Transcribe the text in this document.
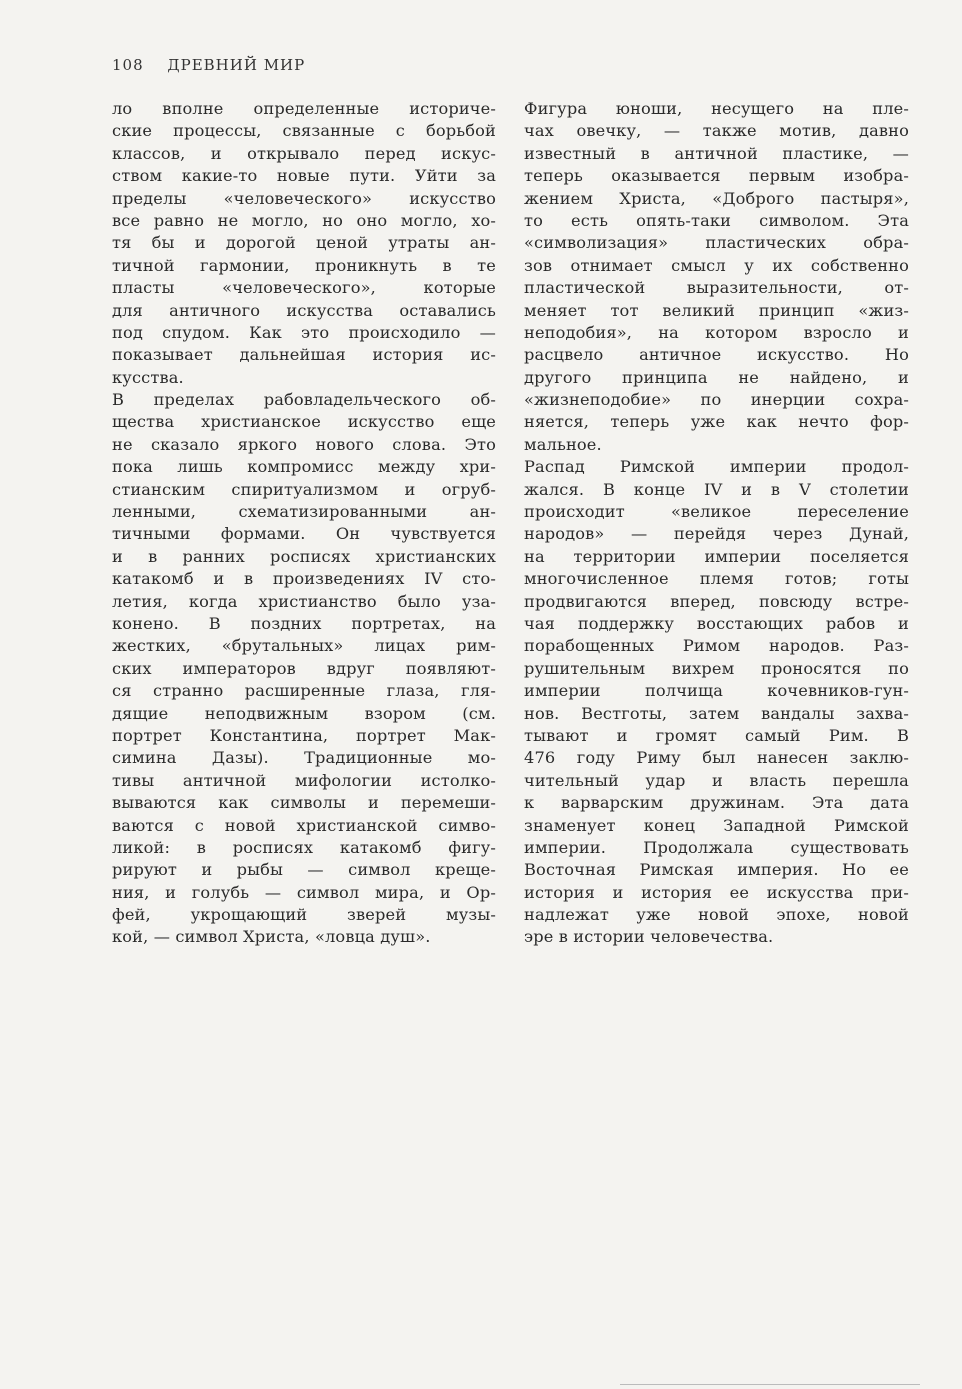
108 ДРЕВНИЙ МИР
ло вполне определенные историче-
ские процессы, связанные с борьбой
классов, и открывало перед искус-
ством какие-то новые пути. Уйти за
пределы «человеческого» искусство
все равно не могло, но оно могло, хо-
тя бы и дорогой ценой утраты ан-
тичной гармонии, проникнуть в те
пласты «человеческого», которые
для античного искусства оставались
под спудом. Как это происходило —
показывает дальнейшая история ис-
кусства.
В пределах рабовладельческого об-
щества христианское искусство еще
не сказало яркого нового слова. Это
пока лишь компромисс между хри-
стианским спиритуализмом и огруб-
ленными, схематизированными ан-
тичными формами. Он чувствуется
и в ранних росписях христианских
катакомб и в произведениях IV сто-
летия, когда христианство было уза-
конено. В поздних портретах, на
жестких, «брутальных» лицах рим-
ских императоров вдруг появляют-
ся странно расширенные глаза, гля-
дящие неподвижным взором (см.
портрет Константина, портрет Мак-
симина Дазы). Традиционные мо-
тивы античной мифологии истолко-
вываются как символы и перемеши-
ваются с новой христианской симво-
ликой: в росписях катакомб фигу-
рируют и рыбы — символ креще-
ния, и голубь — символ мира, и Ор-
фей, укрощающий зверей музы-
кой, — символ Христа, «ловца душ».
Фигура юноши, несущего на пле-
чах овечку, — также мотив, давно
известный в античной пластике, —
теперь оказывается первым изобра-
жением Христа, «Доброго пастыря»,
то есть опять-таки символом. Эта
«символизация» пластических обра-
зов отнимает смысл у их собственно
пластической выразительности, от-
меняет тот великий принцип «жиз-
неподобия», на котором взросло и
расцвело античное искусство. Но
другого принципа не найдено, и
«жизнеподобие» по инерции сохра-
няется, теперь уже как нечто фор-
мальное.
Распад Римской империи продол-
жался. В конце IV и в V столетии
происходит «великое переселение
народов» — перейдя через Дунай,
на территории империи поселяется
многочисленное племя готов; готы
продвигаются вперед, повсюду встре-
чая поддержку восстающих рабов и
порабощенных Римом народов. Раз-
рушительным вихрем проносятся по
империи полчища кочевников-гун-
нов. Вестготы, затем вандалы захва-
тывают и громят самый Рим. В
476 году Риму был нанесен заклю-
чительный удар и власть перешла
к варварским дружинам. Эта дата
знаменует конец Западной Римской
империи. Продолжала существовать
Восточная Римская империя. Но ее
история и история ее искусства при-
надлежат уже новой эпохе, новой
эре в истории человечества.
